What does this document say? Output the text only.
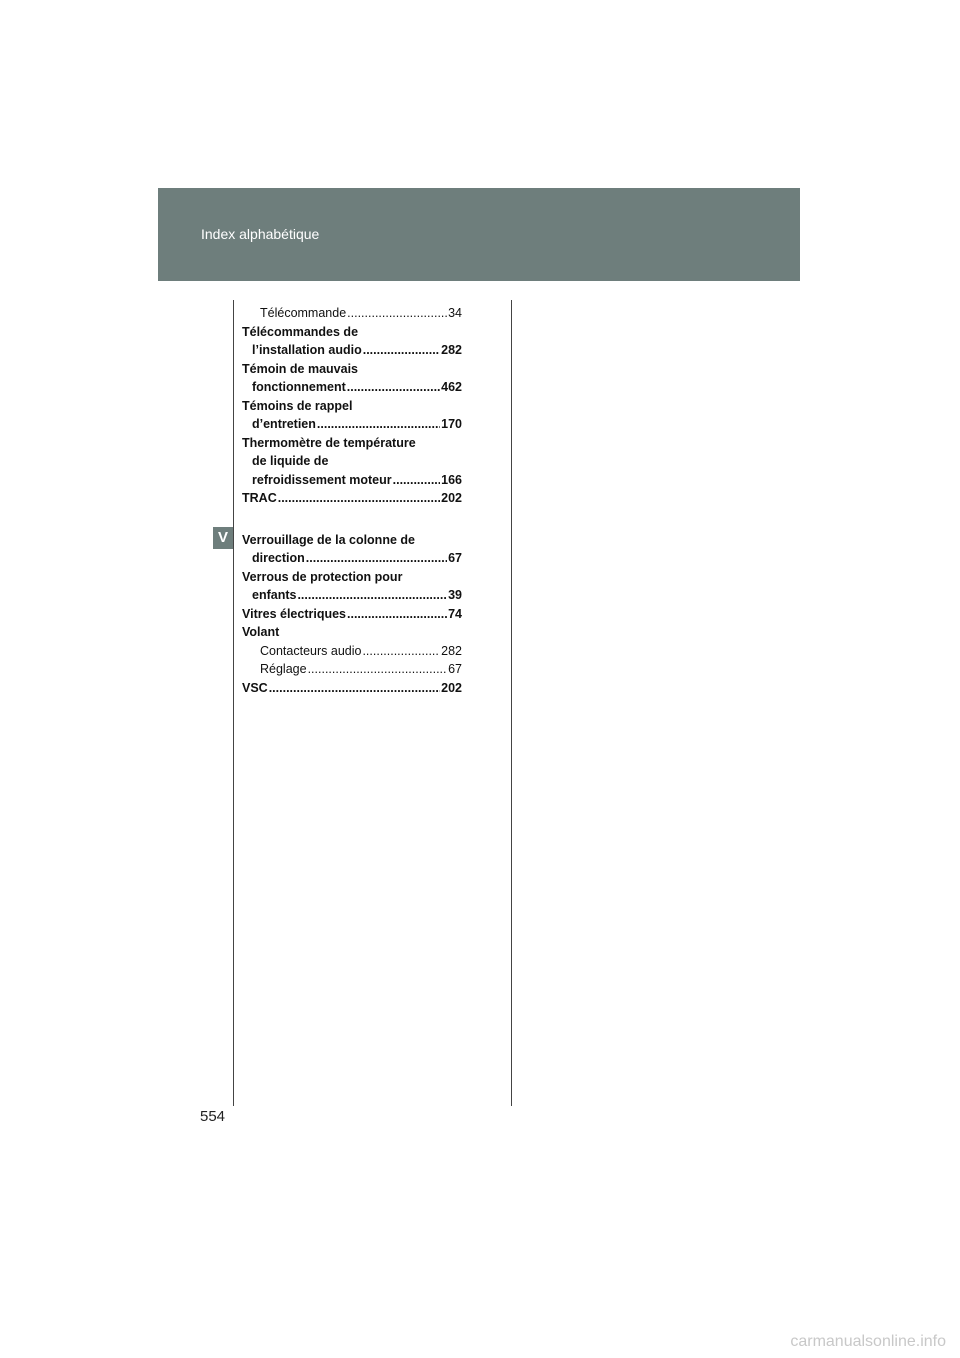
Index alphabétique
V
Télécommande .....	34
Télécommandes de
l’installation audio .....	282
Témoin de mauvais
fonctionnement .....	462
Témoins de rappel
d’entretien .....	170
Thermomètre de température
de liquide de
refroidissement moteur .....	166
TRAC .....	202
Verrouillage de la colonne de
direction .....	67
Verrous de protection pour
enfants .....	39
Vitres électriques .....	74
Volant
Contacteurs audio .....	282
Réglage .....	67
VSC .....	202
554
carmanualsonline.info
